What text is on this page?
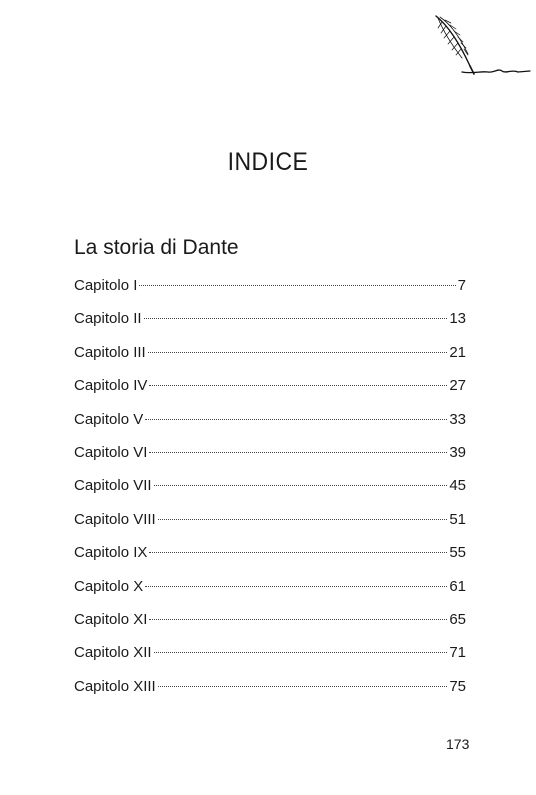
INDICE
La storia di Dante
Capitolo I	7
Capitolo II	13
Capitolo III	21
Capitolo IV	27
Capitolo V	33
Capitolo VI	39
Capitolo VII	45
Capitolo VIII	51
Capitolo IX	55
Capitolo X	61
Capitolo XI	65
Capitolo XII	71
Capitolo XIII	75
173
